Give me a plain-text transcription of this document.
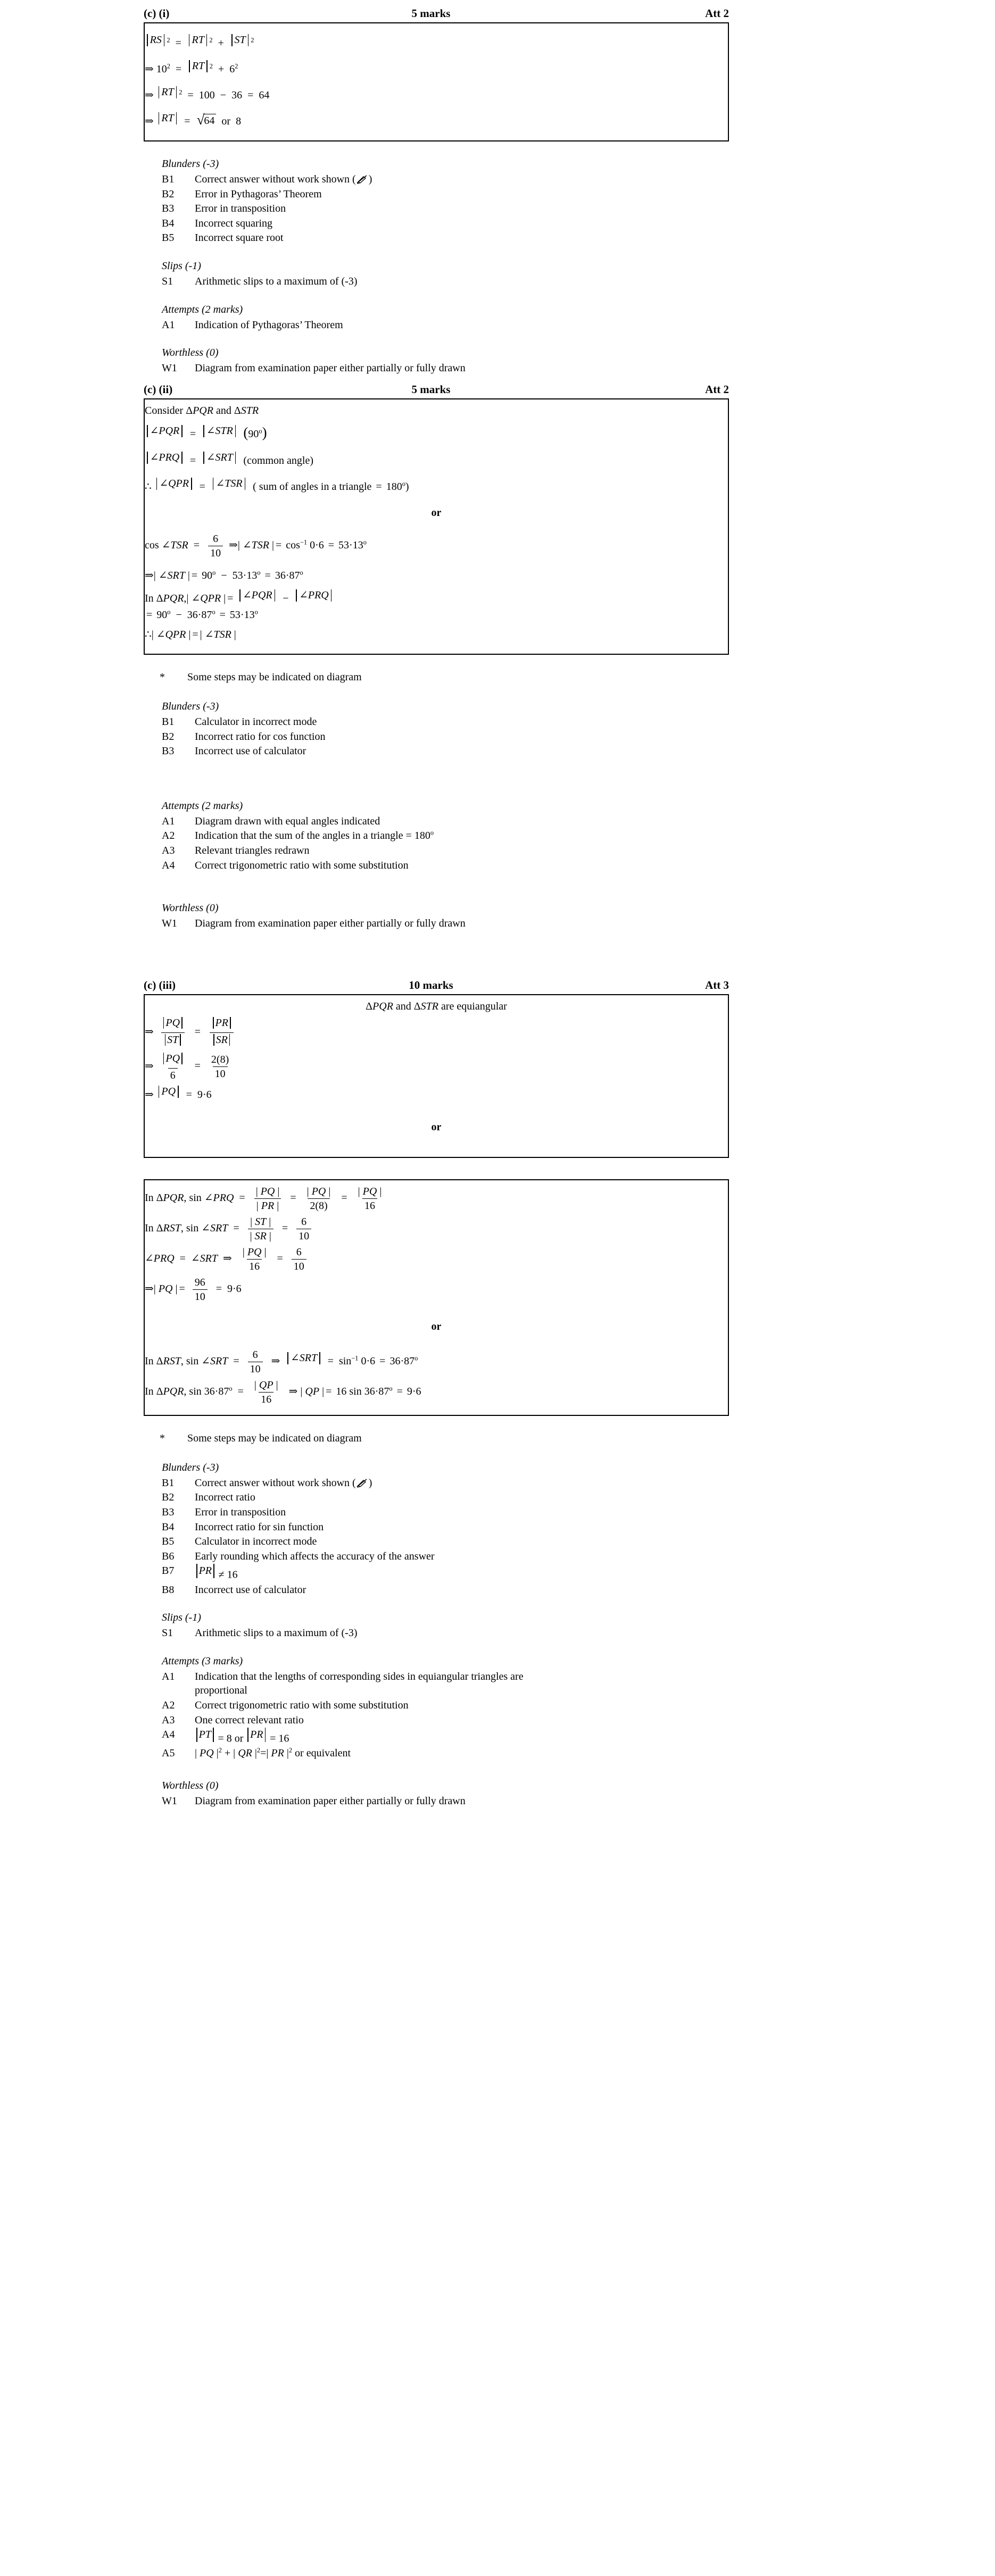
(c) (i)	5 marks	Att 2
RS $^2$ = RT $^2$ + ST $^2$
⇒ $10^2$ = RT $^2 + 6^2$
⇒ RT $^2$ = 100 − 36 = 64
⇒ RT = √ 64 or  8
Blunders (-3)
B1	Correct answer without work shown ( )
B2	Error in Pythagoras’ Theorem
B3	Error in transposition
B4	Incorrect squaring
B5	Incorrect square root
Slips (-1)
S1	Arithmetic slips to a maximum of (-3)
Attempts (2 marks)
A1	Indication of Pythagoras’ Theorem
Worthless (0)
W1	Diagram from examination paper either partially or fully drawn
(c) (ii)	5 marks	Att 2
Consider ΔPQR and ΔSTR
∠PQR = ∠STR (90$^o$)
∠PRQ = ∠SRT (common angle)
∴ ∠QPR = ∠TSR ( sum of angles in a triangle = $180^o$)
or
cos ∠TSR = $\frac{6}{10}$ ⇒| ∠TSR | = $\cos^{-1} 0\cdot 6 = 53\cdot 13^o$
⇒| ∠SRT | = $90^o - 53\cdot 13^o = 36\cdot 87^o$
In ΔPQR,| ∠QPR | = ∠PQR − ∠PRQ
= $90^o - 36\cdot 87^o = 53\cdot 13^o$
∴| ∠QPR | = | ∠TSR |
*	Some steps may be indicated on diagram
Blunders (-3)
B1	Calculator in incorrect mode
B2	Incorrect ratio for cos function
B3	Incorrect use of calculator
Attempts (2 marks)
A1	Diagram drawn with equal angles indicated
A2	Indication that the sum of the angles in a triangle = $180^o$
A3	Relevant triangles redrawn
A4	Correct trigonometric ratio with some substitution
Worthless (0)
W1	Diagram from examination paper either partially or fully drawn
(c) (iii)	10 marks	Att 3
ΔPQR and ΔSTR are equiangular
⇒ $\frac{PQ}{ST} = \frac{PR}{SR}$
⇒ $\frac{PQ}{6} = \frac{2(8)}{10}$
⇒ PQ = 9·6
or
In ΔPQR, sin ∠PRQ = $\frac{| PQ |}{| PR |} = \frac{| PQ |}{2(8)} = \frac{| PQ |}{16}$
In ΔRST, sin ∠SRT = $\frac{| ST |}{| SR |} = \frac{6}{10}$
∠PRQ = ∠SRT ⇒ $\frac{| PQ |}{16} = \frac{6}{10}$
⇒| PQ | = $\frac{96}{10} = 9\cdot 6$
or
In ΔRST, sin ∠SRT = $\frac{6}{10}$ ⇒ ∠SRT = $\sin^{-1} 0\cdot 6 = 36\cdot 87^o$
In ΔPQR, $\sin 36\cdot 87^o = \frac{| QP |}{16}$ ⇒ | QP | = 16 $\sin 36\cdot 87^o = 9\cdot 6$
*	Some steps may be indicated on diagram
Blunders (-3)
B1	Correct answer without work shown ( )
B2	Incorrect ratio
B3	Error in transposition
B4	Incorrect ratio for sin function
B5	Calculator in incorrect mode
B6	Early rounding which affects the accuracy of the answer
B7	PR ≠ 16
B8	Incorrect use of calculator
Slips (-1)
S1	Arithmetic slips to a maximum of (-3)
Attempts (3 marks)
A1	Indication that the lengths of corresponding sides in equiangular triangles are
proportional
A2	Correct trigonometric ratio with some substitution
A3	One correct relevant ratio
A4	PT = 8 or PR = 16
A5	| PQ $|^2$ + | QR $|^2=|$ PR $|^2$ or equivalent
Worthless (0)
W1	Diagram from examination paper either partially or fully drawn
